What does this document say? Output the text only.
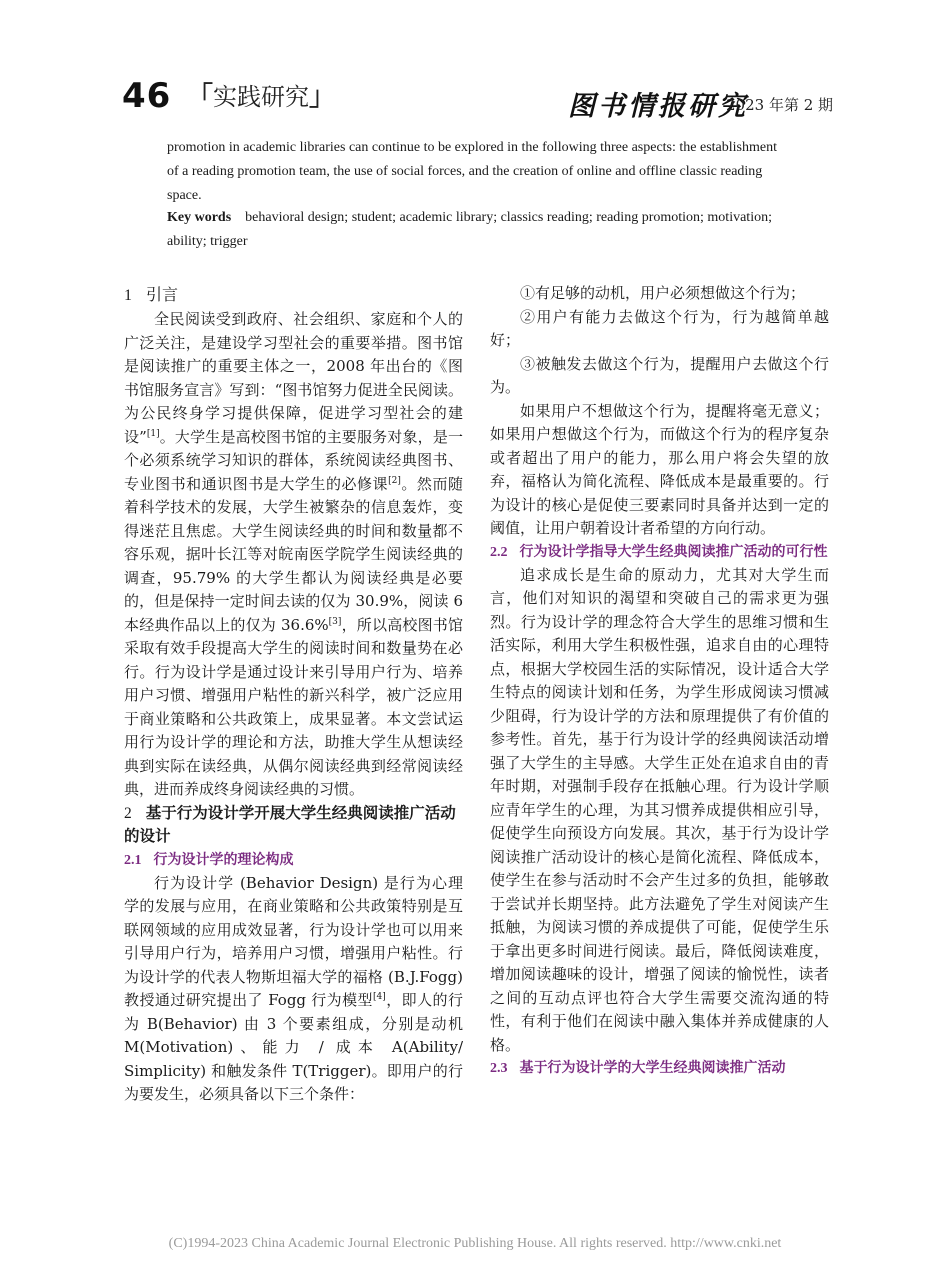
46 「实践研究」	图书情报研究
2023 年第 2 期
promotion in academic libraries can continue to be explored in the following three aspects: the establishment of a reading promotion team, the use of social forces, and the creation of online and offline classic reading space.
Key words behavioral design; student; academic library; classics reading; reading promotion; motivation; ability; trigger
1 引言

全民阅读受到政府、社会组织、家庭和个人的广泛关注，是建设学习型社会的重要举措。图书馆是阅读推广的重要主体之一，2008 年出台的《图书馆服务宣言》写到：“图书馆努力促进全民阅读。为公民终身学习提供保障，促进学习型社会的建设”[1]。大学生是高校图书馆的主要服务对象，是一个必须系统学习知识的群体，系统阅读经典图书、专业图书和通识图书是大学生的必修课[2]。然而随着科学技术的发展，大学生被繁杂的信息轰炸，变得迷茫且焦虑。大学生阅读经典的时间和数量都不容乐观，据叶长江等对皖南医学院学生阅读经典的调查，95.79% 的大学生都认为阅读经典是必要的，但是保持一定时间去读的仅为 30.9%，阅读 6 本经典作品以上的仅为 36.6%[3]，所以高校图书馆采取有效手段提高大学生的阅读时间和数量势在必行。行为设计学是通过设计来引导用户行为、培养用户习惯、增强用户粘性的新兴科学，被广泛应用于商业策略和公共政策上，成果显著。本文尝试运用行为设计学的理论和方法，助推大学生从想读经典到实际在读经典，从偶尔阅读经典到经常阅读经典，进而养成终身阅读经典的习惯。

2 基于行为设计学开展大学生经典阅读推广活动的设计
2.1 行为设计学的理论构成

行为设计学 (Behavior Design) 是行为心理学的发展与应用，在商业策略和公共政策特别是互联网领域的应用成效显著，行为设计学也可以用来引导用户行为，培养用户习惯，增强用户粘性。行为设计学的代表人物斯坦福大学的福格 (B.J.Fogg) 教授通过研究提出了 Fogg 行为模型[4]，即人的行为 B(Behavior) 由 3 个要素组成，分别是动机 M(Motivation)、能力 / 成本 A(Ability/ Simplicity) 和触发条件 T(Trigger)。即用户的行为要发生，必须具备以下三个条件：

①有足够的动机，用户必须想做这个行为；

②用户有能力去做这个行为，行为越简单越好；

③被触发去做这个行为，提醒用户去做这个行为。

如果用户不想做这个行为，提醒将毫无意义；如果用户想做这个行为，而做这个行为的程序复杂或者超出了用户的能力，那么用户将会失望的放弃，福格认为简化流程、降低成本是最重要的。行为设计的核心是促使三要素同时具备并达到一定的阈值，让用户朝着设计者希望的方向行动。

2.2 行为设计学指导大学生经典阅读推广活动的可行性

追求成长是生命的原动力，尤其对大学生而言，他们对知识的渴望和突破自己的需求更为强烈。行为设计学的理念符合大学生的思维习惯和生活实际，利用大学生积极性强，追求自由的心理特点，根据大学校园生活的实际情况，设计适合大学生特点的阅读计划和任务，为学生形成阅读习惯减少阻碍，行为设计学的方法和原理提供了有价值的参考性。首先，基于行为设计学的经典阅读活动增强了大学生的主导感。大学生正处在追求自由的青年时期，对强制手段存在抵触心理。行为设计学顺应青年学生的心理，为其习惯养成提供相应引导，促使学生向预设方向发展。其次，基于行为设计学阅读推广活动设计的核心是简化流程、降低成本，使学生在参与活动时不会产生过多的负担，能够敢于尝试并长期坚持。此方法避免了学生对阅读产生抵触，为阅读习惯的养成提供了可能，促使学生乐于拿出更多时间进行阅读。最后，降低阅读难度，增加阅读趣味的设计，增强了阅读的愉悦性，读者之间的互动点评也符合大学生需要交流沟通的特性，有利于他们在阅读中融入集体并养成健康的人格。

2.3 基于行为设计学的大学生经典阅读推广活动
(C)1994-2023 China Academic Journal Electronic Publishing House. All rights reserved. http://www.cnki.net
